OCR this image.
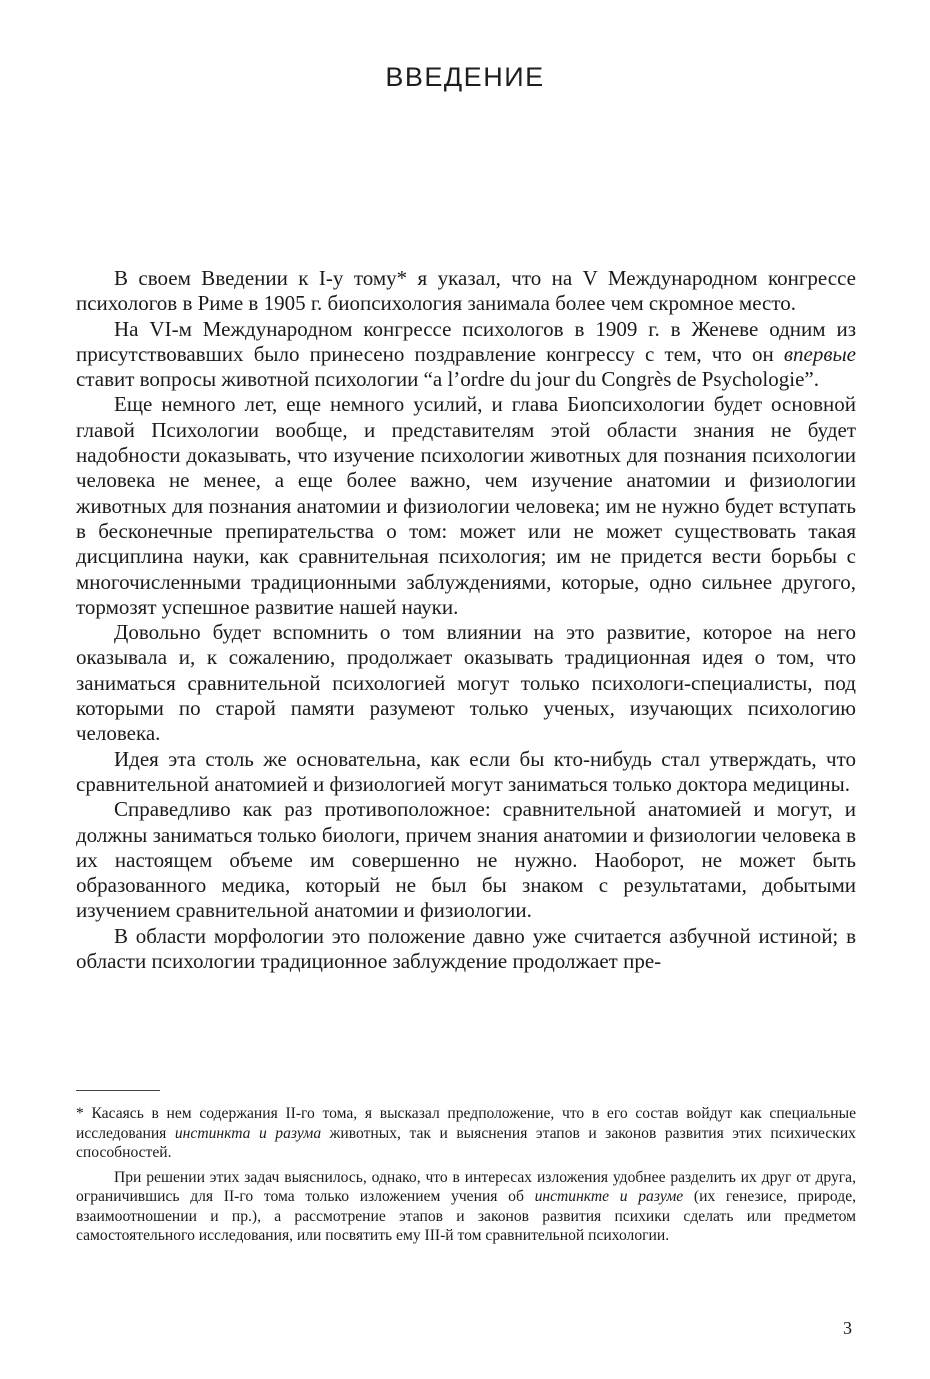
ВВЕДЕНИЕ

В своем Введении к I-у тому* я указал, что на V Международном конгрессе психологов в Риме в 1905 г. биопсихология занимала более чем скромное место.

На VI-м Международном конгрессе психологов в 1909 г. в Женеве одним из присутствовавших было принесено поздравление конгрессу с тем, что он впервые ставит вопросы животной психологии “a l’ordre du jour du Congrès de Psychologie”.

Еще немного лет, еще немного усилий, и глава Биопсихологии будет основной главой Психологии вообще, и представителям этой области знания не будет надобности доказывать, что изучение психологии животных для познания психологии человека не менее, а еще более важно, чем изучение анатомии и физиологии животных для познания анатомии и физиологии человека; им не нужно будет вступать в бесконечные препирательства о том: может или не может существовать такая дисциплина науки, как сравнительная психология; им не придется вести борьбы с многочисленными традиционными заблуждениями, которые, одно сильнее другого, тормозят успешное развитие нашей науки.

Довольно будет вспомнить о том влиянии на это развитие, которое на него оказывала и, к сожалению, продолжает оказывать традиционная идея о том, что заниматься сравнительной психологией могут только психологи-специалисты, под которыми по старой памяти разумеют только ученых, изучающих психологию человека.

Идея эта столь же основательна, как если бы кто-нибудь стал утверждать, что сравнительной анатомией и физиологией могут заниматься только доктора медицины.

Справедливо как раз противоположное: сравнительной анатомией и могут, и должны заниматься только биологи, причем знания анатомии и физиологии человека в их настоящем объеме им совершенно не нужно. Наоборот, не может быть образованного медика, который не был бы знаком с результатами, добытыми изучением сравнительной анатомии и физиологии.

В области морфологии это положение давно уже считается азбучной истиной; в области психологии традиционное заблуждение продолжает пре-

* Касаясь в нем содержания II-го тома, я высказал предположение, что в его состав войдут как специальные исследования инстинкта и разума животных, так и выяснения этапов и законов развития этих психических способностей.

При решении этих задач выяснилось, однако, что в интересах изложения удобнее разделить их друг от друга, ограничившись для II-го тома только изложением учения об инстинкте и разуме (их генезисе, природе, взаимоотношении и пр.), а рассмотрение этапов и законов развития психики сделать или предметом самостоятельного исследования, или посвятить ему III-й том сравнительной психологии.

3
